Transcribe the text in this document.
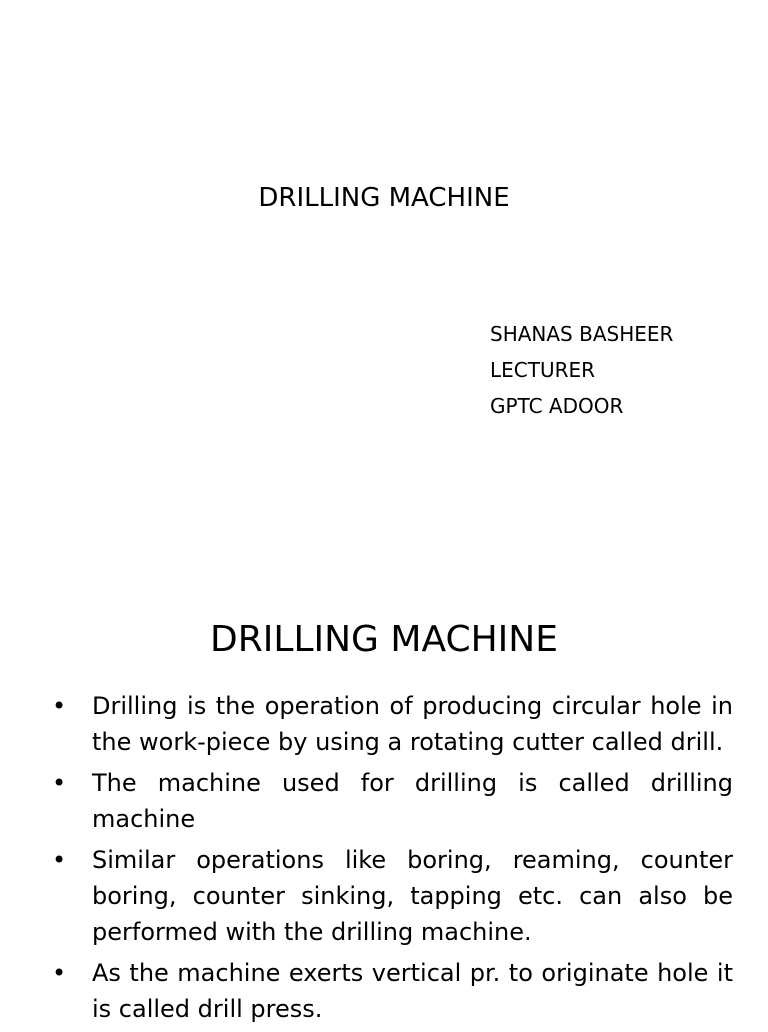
DRILLING MACHINE
SHANAS BASHEER
LECTURER
GPTC ADOOR
DRILLING MACHINE
• Drilling is the operation of producing circular hole in the work-piece by using a rotating cutter called drill.
• The machine used for drilling is called drilling machine
• Similar operations like boring, reaming, counter boring, counter sinking, tapping etc. can also be performed with the drilling machine.
• As the machine exerts vertical pr. to originate hole it is called drill press.
